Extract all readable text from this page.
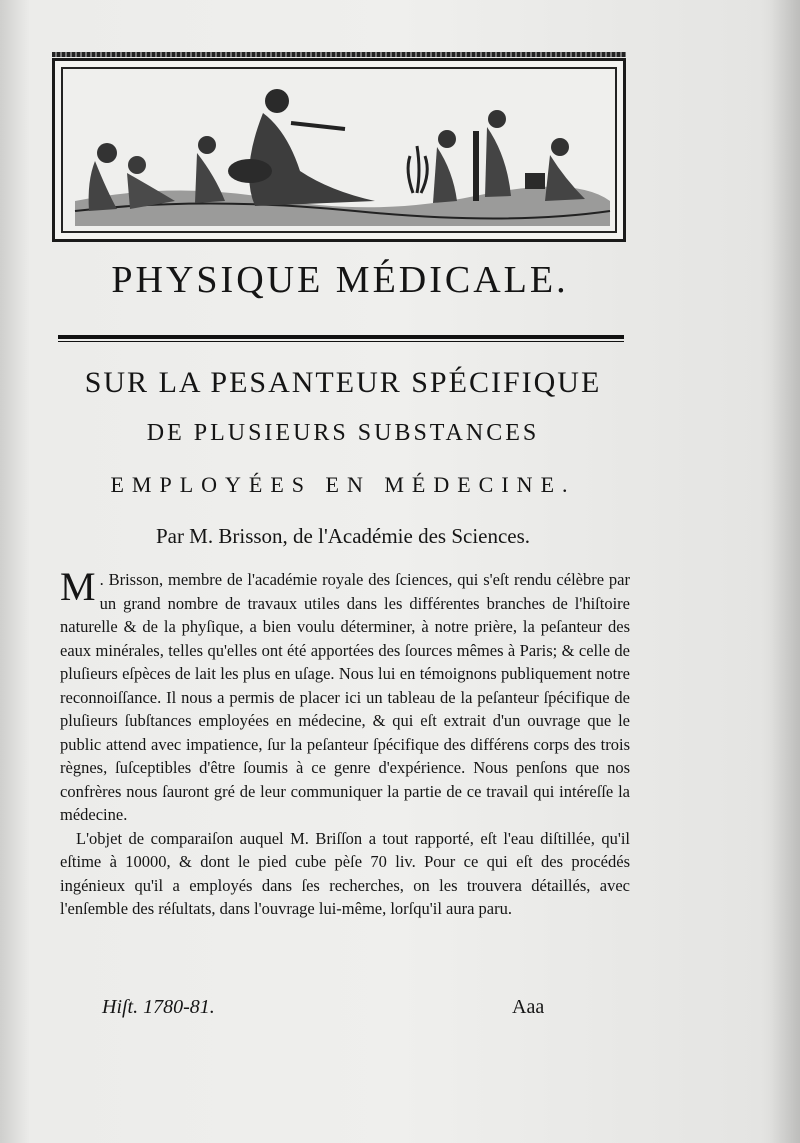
PHYSIQUE MÉDICALE.
SUR LA PESANTEUR SPÉCIFIQUE
DE PLUSIEURS SUBSTANCES
EMPLOYÉES EN MÉDECINE.
Par M. Brisson, de l'Académie des Sciences.

M . Brisson, membre de l'académie royale des ſciences, qui s'eſt rendu célèbre par un grand nombre de travaux utiles dans les différentes branches de l'hiſtoire naturelle & de la phyſique, a bien voulu déterminer, à notre prière, la peſanteur des eaux minérales, telles qu'elles ont été apportées des ſources mêmes à Paris; & celle de pluſieurs eſpèces de lait les plus en uſage. Nous lui en témoignons publiquement notre reconnoiſſance. Il nous a permis de placer ici un tableau de la peſanteur ſpécifique de pluſieurs ſubſtances employées en médecine, & qui eſt extrait d'un ouvrage que le public attend avec impatience, ſur la peſanteur ſpécifique des différens corps des trois règnes, ſuſceptibles d'être ſoumis à ce genre d'expérience. Nous penſons que nos confrères nous ſauront gré de leur communiquer la partie de ce travail qui intéreſſe la médecine.

L'objet de comparaiſon auquel M. Briſſon a tout rapporté, eſt l'eau diſtillée, qu'il eſtime à 10000, & dont le pied cube pèſe 70 liv. Pour ce qui eſt des procédés ingénieux qu'il a employés dans ſes recherches, on les trouvera détaillés, avec l'enſemble des réſultats, dans l'ouvrage lui-même, lorſqu'il aura paru.

Hiſt. 1780-81.	Aaa
